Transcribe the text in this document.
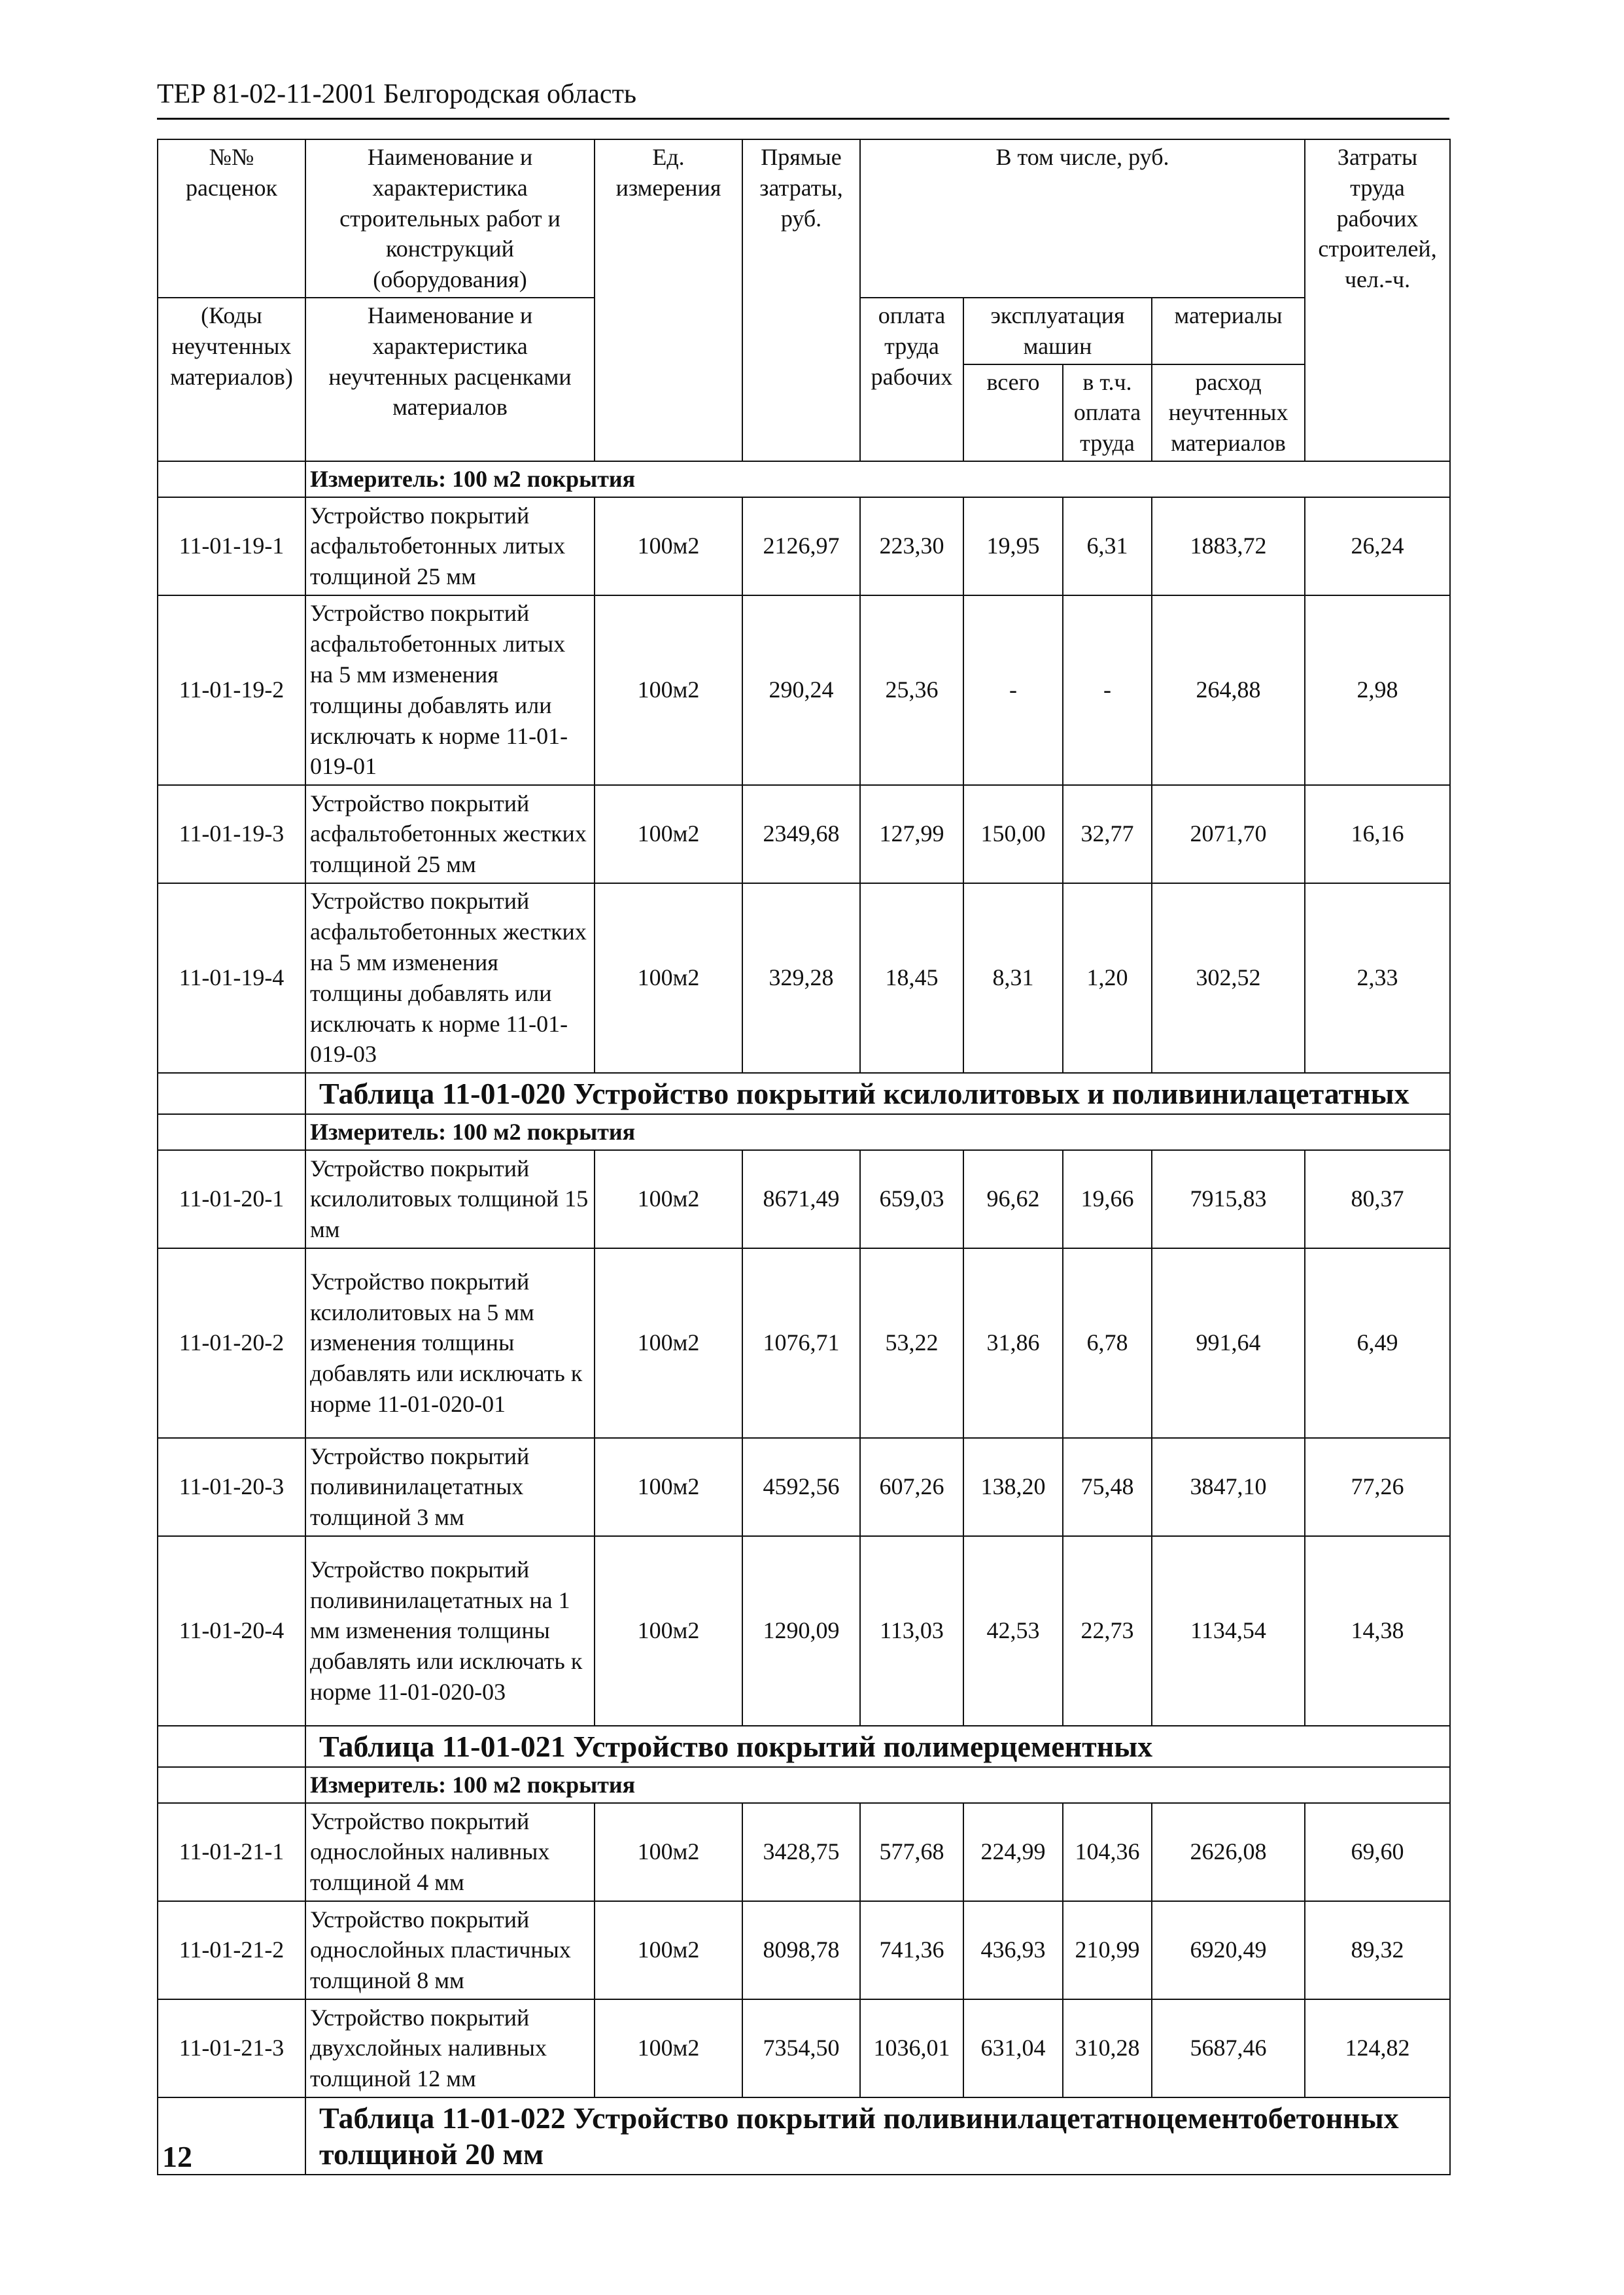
ТЕР 81-02-11-2001 Белгородская область
№№ расценок	Наименование и характеристика строительных работ и конструкций (оборудования)	Ед. измерения	Прямые затраты, руб.	В том числе, руб.				Затраты труда рабочих строителей, чел.-ч.
(Коды неучтенных материалов)	Наименование и характеристика неучтенных расценками материалов			оплата труда рабочих	эксплуатация машин		материалы	
					всего	в т.ч. оплата труда	расход неучтенных материалов	
	Измеритель: 100 м2 покрытия							
11-01-19-1	Устройство покрытий асфальтобетонных литых толщиной 25 мм	100м2	2126,97	223,30	19,95	6,31	1883,72	26,24
11-01-19-2	Устройство покрытий асфальтобетонных литых на 5 мм изменения толщины добавлять или исключать к норме 11-01-019-01	100м2	290,24	25,36	-	-	264,88	2,98
11-01-19-3	Устройство покрытий асфальтобетонных жестких толщиной 25 мм	100м2	2349,68	127,99	150,00	32,77	2071,70	16,16
11-01-19-4	Устройство покрытий асфальтобетонных жестких на 5 мм изменения толщины добавлять или исключать к норме 11-01-019-03	100м2	329,28	18,45	8,31	1,20	302,52	2,33
	Таблица 11-01-020 Устройство покрытий ксилолитовых и поливинилацетатных							
	Измеритель: 100 м2 покрытия							
11-01-20-1	Устройство покрытий ксилолитовых толщиной 15 мм	100м2	8671,49	659,03	96,62	19,66	7915,83	80,37
11-01-20-2	Устройство покрытий ксилолитовых на 5 мм изменения толщины добавлять или исключать к норме 11-01-020-01	100м2	1076,71	53,22	31,86	6,78	991,64	6,49
11-01-20-3	Устройство покрытий поливинилацетатных толщиной 3 мм	100м2	4592,56	607,26	138,20	75,48	3847,10	77,26
11-01-20-4	Устройство покрытий поливинилацетатных на 1 мм изменения толщины добавлять или исключать к норме 11-01-020-03	100м2	1290,09	113,03	42,53	22,73	1134,54	14,38
	Таблица 11-01-021 Устройство покрытий полимерцементных							
	Измеритель: 100 м2 покрытия							
11-01-21-1	Устройство покрытий однослойных наливных толщиной 4 мм	100м2	3428,75	577,68	224,99	104,36	2626,08	69,60
11-01-21-2	Устройство покрытий однослойных пластичных толщиной 8 мм	100м2	8098,78	741,36	436,93	210,99	6920,49	89,32
11-01-21-3	Устройство покрытий двухслойных наливных толщиной 12 мм	100м2	7354,50	1036,01	631,04	310,28	5687,46	124,82
	Таблица 11-01-022 Устройство покрытий поливинилацетатноцементобетонных толщиной 20 мм							
12
